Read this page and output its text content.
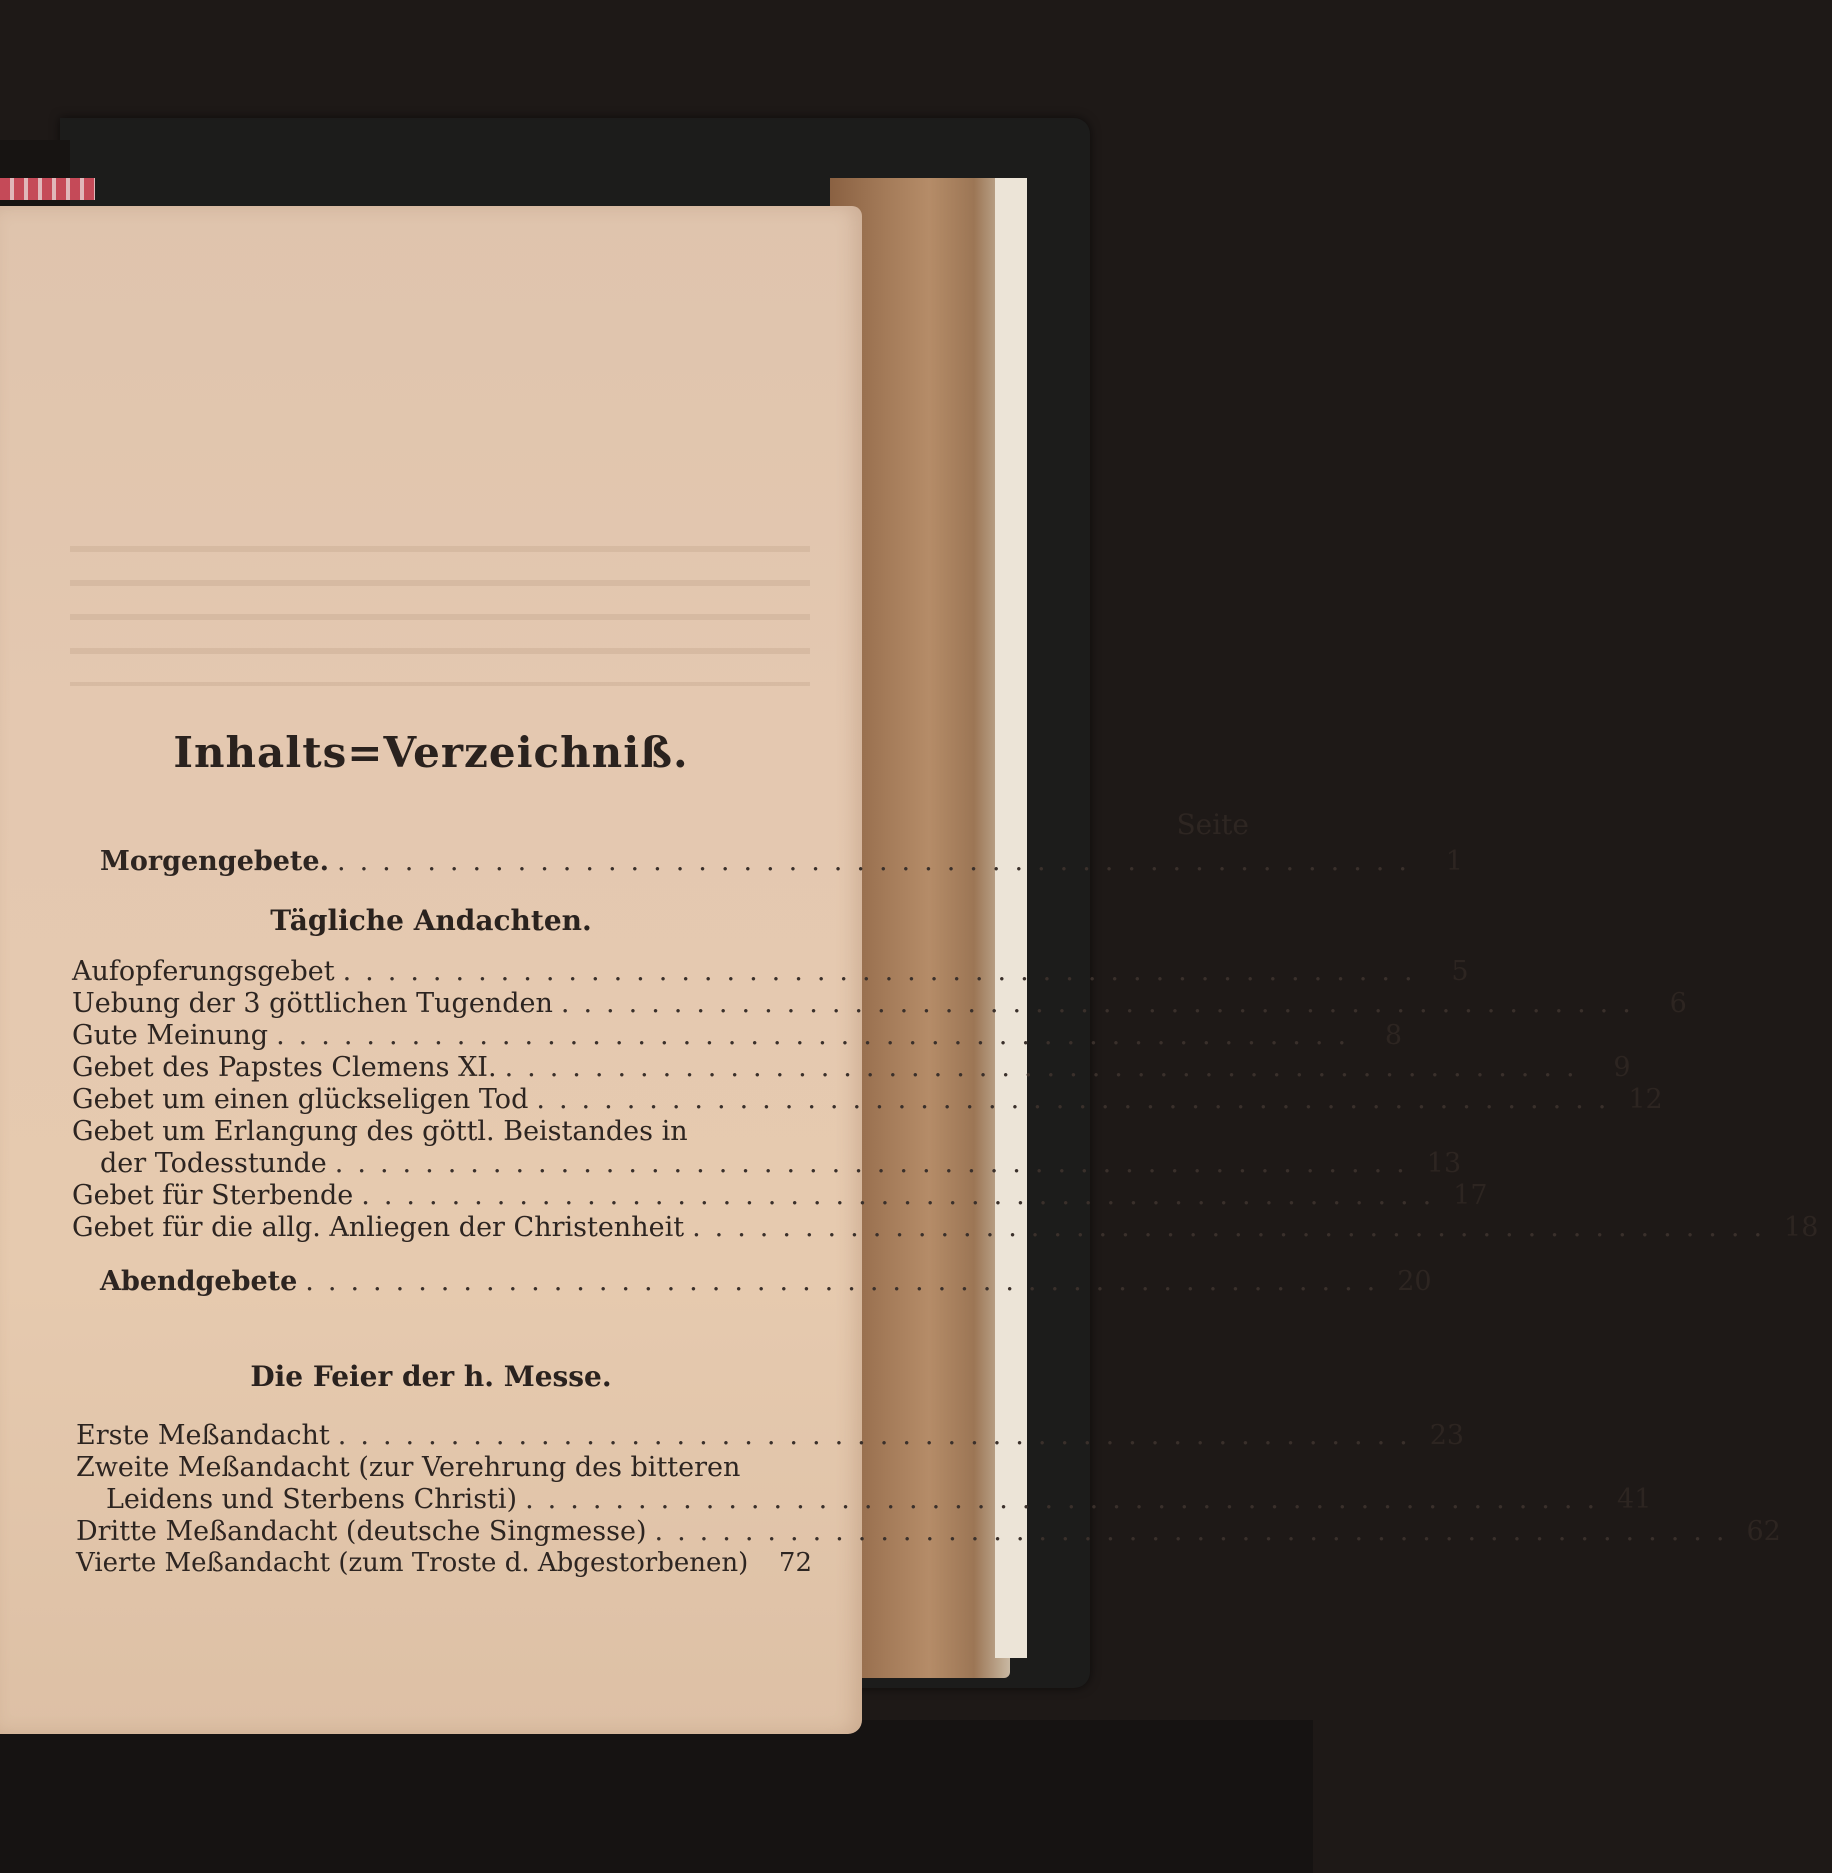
Inhalts=Verzeichniß.
Seite
Morgengebete. ................................................ 1
Tägliche Andachten.
Aufopferungsgebet ................................................ 5
Uebung der 3 göttlichen Tugenden ................................................ 6
Gute Meinung ................................................ 8
Gebet des Papstes Clemens XI. ................................................ 9
Gebet um einen glückseligen Tod ................................................ 12
Gebet um Erlangung des göttl. Beistandes in
der Todesstunde ................................................ 13
Gebet für Sterbende ................................................ 17
Gebet für die allg. Anliegen der Christenheit ................................................ 18
Abendgebete ................................................ 20
Die Feier der h. Messe.
Erste Meßandacht ................................................ 23
Zweite Meßandacht (zur Verehrung des bitteren
Leidens und Sterbens Christi) ................................................ 41
Dritte Meßandacht (deutsche Singmesse) ................................................ 62
Vierte Meßandacht (zum Troste d. Abgestorbenen) 72
